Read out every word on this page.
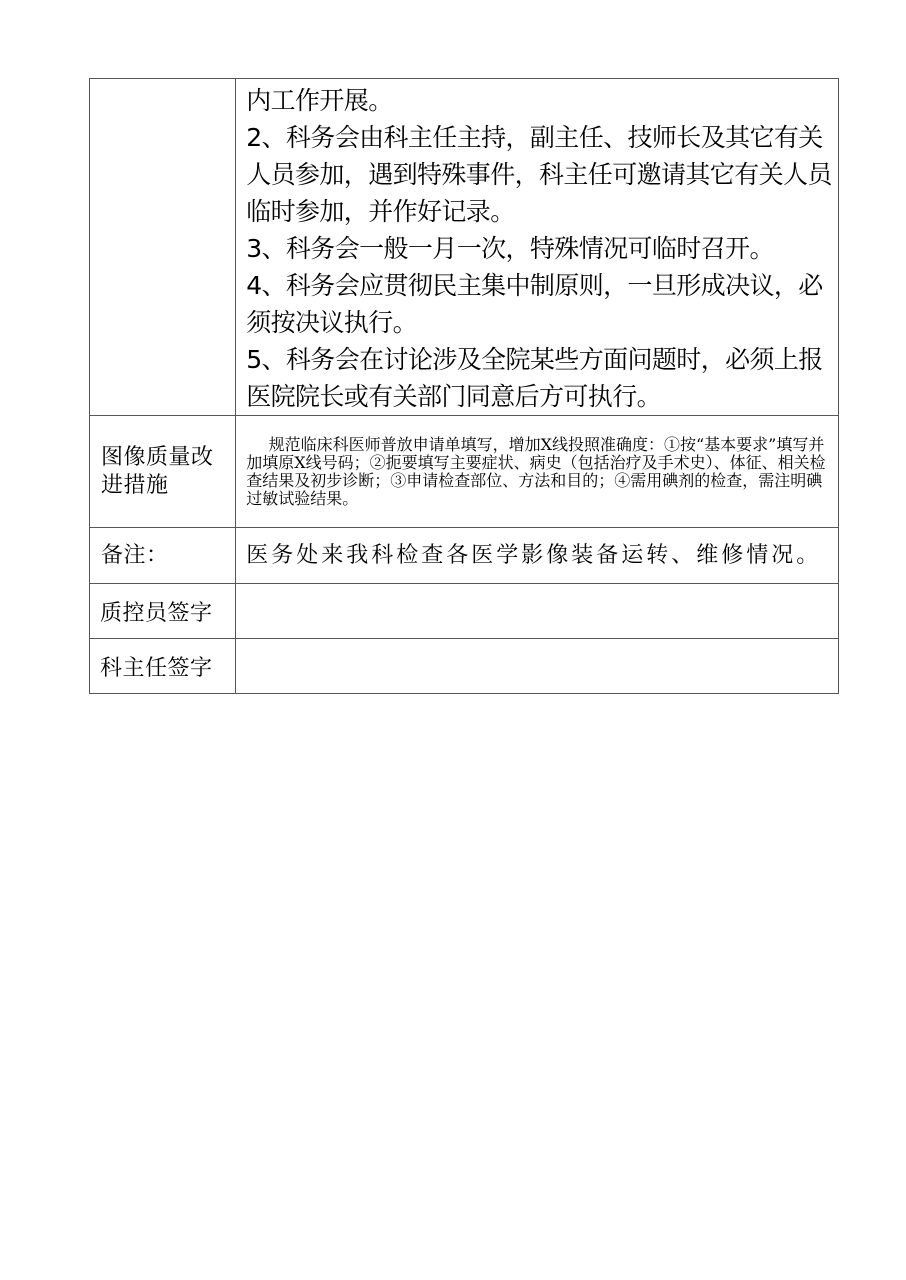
	内工作开展。

2、科务会由科主任主持，副主任、技师长及其它有关人员参加，遇到特殊事件，科主任可邀请其它有关人员临时参加，并作好记录。

3、科务会一般一月一次，特殊情况可临时召开。

4、科务会应贯彻民主集中制原则，一旦形成决议，必须按决议执行。

5、科务会在讨论涉及全院某些方面问题时，必须上报医院院长或有关部门同意后方可执行。

图像质量改进措施	规范临床科医师普放申请单填写，增加X线投照准确度：①按“基本要求”填写并加填原X线号码；②扼要填写主要症状、病史（包括治疗及手术史）、体征、相关检查结果及初步诊断；③申请检查部位、方法和目的；④需用碘剂的检查，需注明碘过敏试验结果。

备注：	医务处来我科检查各医学影像装备运转、维修情况。

质控员签字	

科主任签字	
